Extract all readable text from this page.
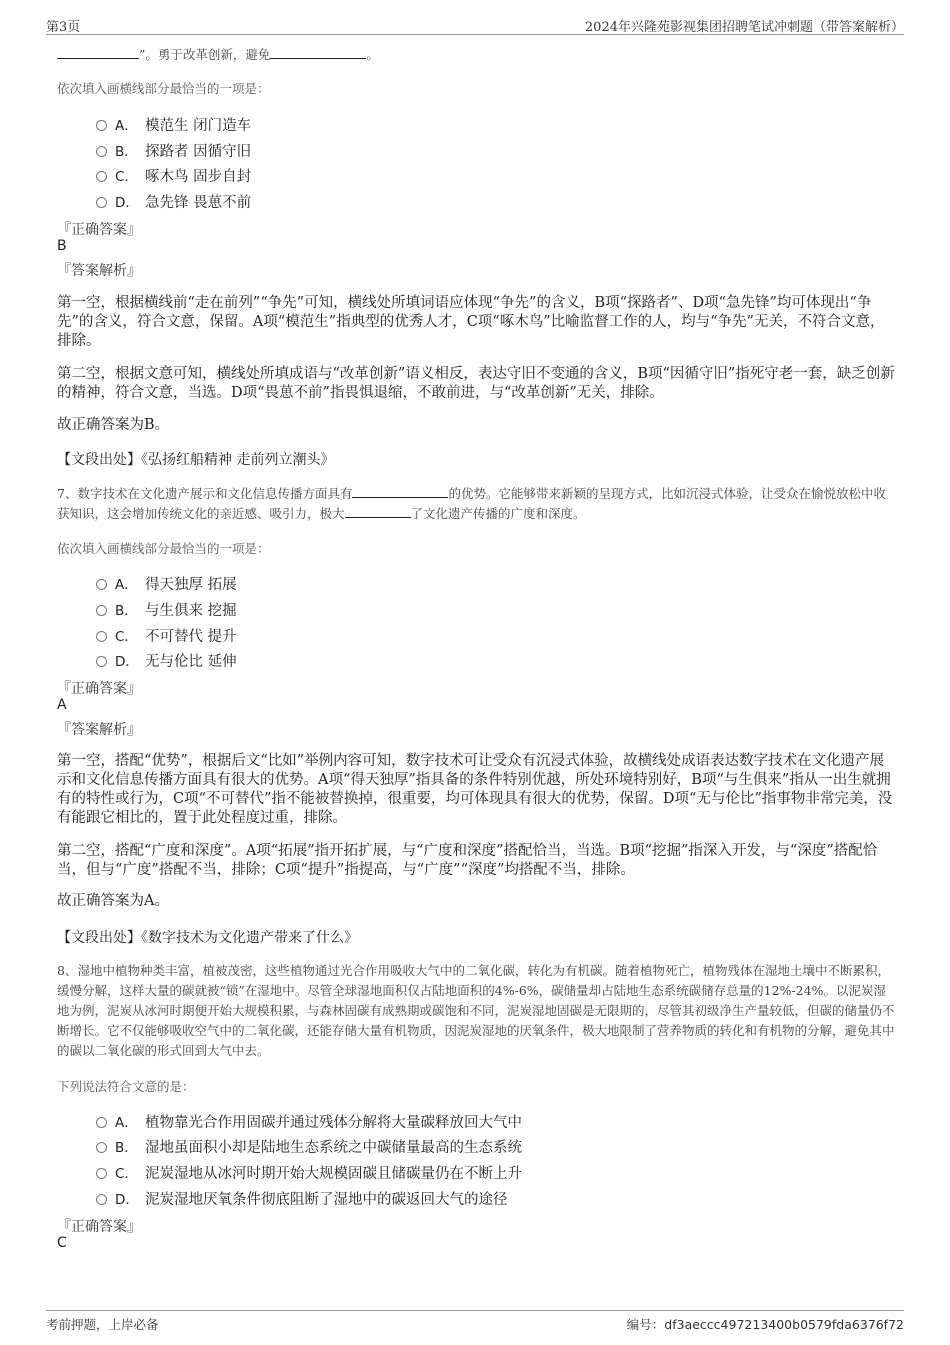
第3页	2024年兴隆苑影视集团招聘笔试冲刺题（带答案解析）
”。勇于改革创新，避免	。
依次填入画横线部分最恰当的一项是：
A． 模范生 闭门造车
B． 探路者 因循守旧
C． 啄木鸟 固步自封
D． 急先锋 畏葸不前
『正确答案』
B
『答案解析』
第一空，根据横线前“走在前列”“争先”可知，横线处所填词语应体现“争先”的含义，B项“探路者”、D项“急先锋”均可体现出“争先”的含义，符合文意，保留。A项“模范生”指典型的优秀人才，C项“啄木鸟”比喻监督工作的人，均与“争先”无关，不符合文意，排除。
第二空，根据文意可知，横线处所填成语与“改革创新”语义相反，表达守旧不变通的含义，B项“因循守旧”指死守老一套，缺乏创新的精神，符合文意，当选。D项“畏葸不前”指畏惧退缩，不敢前进，与“改革创新”无关，排除。
故正确答案为B。
【文段出处】《弘扬红船精神 走前列立潮头》
7、数字技术在文化遗产展示和文化信息传播方面具有	的优势。它能够带来新颖的呈现方式，比如沉浸式体验，让受众在愉悦放松中收获知识，这会增加传统文化的亲近感、吸引力，极大	了文化遗产传播的广度和深度。
依次填入画横线部分最恰当的一项是：
A． 得天独厚 拓展
B． 与生俱来 挖掘
C． 不可替代 提升
D． 无与伦比 延伸
『正确答案』
A
『答案解析』
第一空，搭配“优势”，根据后文“比如”举例内容可知，数字技术可让受众有沉浸式体验，故横线处成语表达数字技术在文化遗产展示和文化信息传播方面具有很大的优势。A项“得天独厚”指具备的条件特别优越，所处环境特别好，B项“与生俱来”指从一出生就拥有的特性或行为，C项“不可替代”指不能被替换掉，很重要，均可体现具有很大的优势，保留。D项“无与伦比”指事物非常完美，没有能跟它相比的，置于此处程度过重，排除。
第二空，搭配“广度和深度”。A项“拓展”指开拓扩展，与“广度和深度”搭配恰当，当选。B项“挖掘”指深入开发，与“深度”搭配恰当，但与“广度”搭配不当，排除；C项“提升”指提高，与“广度”“深度”均搭配不当，排除。
故正确答案为A。
【文段出处】《数字技术为文化遗产带来了什么》
8、湿地中植物种类丰富，植被茂密，这些植物通过光合作用吸收大气中的二氧化碳，转化为有机碳。随着植物死亡，植物残体在湿地土壤中不断累积，缓慢分解，这样大量的碳就被“锁”在湿地中。尽管全球湿地面积仅占陆地面积的4%-6%，碳储量却占陆地生态系统碳储存总量的12%-24%。以泥炭湿地为例，泥炭从冰河时期便开始大规模积累，与森林固碳有成熟期或碳饱和不同，泥炭湿地固碳是无限期的，尽管其初级净生产量较低，但碳的储量仍不断增长。它不仅能够吸收空气中的二氧化碳，还能存储大量有机物质，因泥炭湿地的厌氧条件，极大地限制了营养物质的转化和有机物的分解，避免其中的碳以二氧化碳的形式回到大气中去。
下列说法符合文意的是：
A． 植物靠光合作用固碳并通过残体分解将大量碳释放回大气中
B． 湿地虽面积小却是陆地生态系统之中碳储量最高的生态系统
C． 泥炭湿地从冰河时期开始大规模固碳且储碳量仍在不断上升
D． 泥炭湿地厌氧条件彻底阻断了湿地中的碳返回大气的途径
『正确答案』
C
考前押题，上岸必备	编号：df3aeccc497213400b0579fda6376f72
